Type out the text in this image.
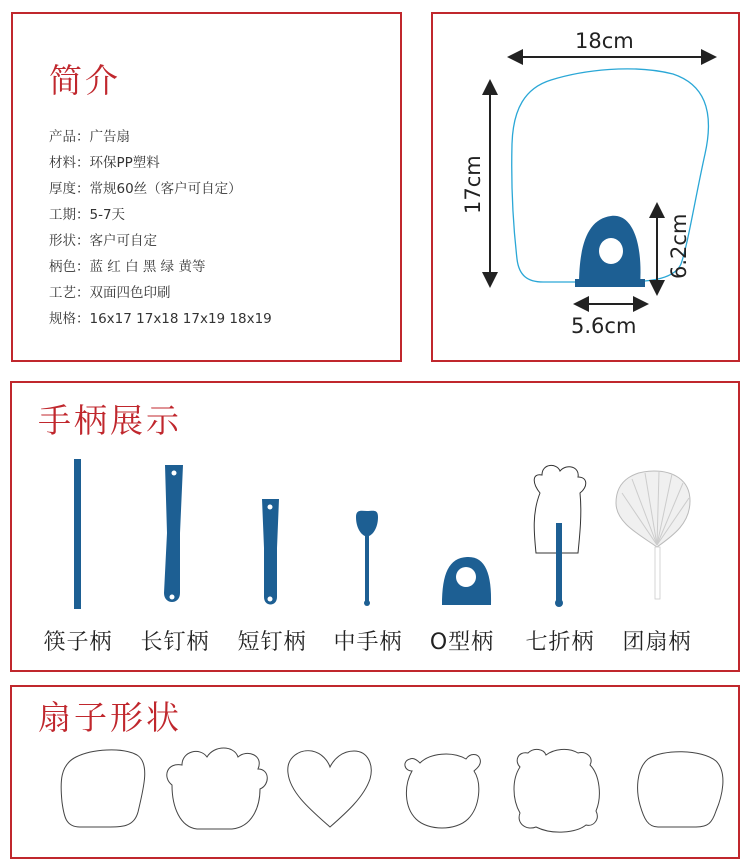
简介
产品：广告扇
材料：环保PP塑料
厚度：常规60丝（客户可自定）
工期：5-7天
形状：客户可自定
柄色：蓝 红 白 黑 绿 黄等
工艺：双面四色印刷
规格：16x17 17x18 17x19 18x19
18cm
17cm
6.2cm
5.6cm
手柄展示
筷子柄 长钉柄 短钉柄 中手柄 O型柄 七折柄 团扇柄
扇子形状
